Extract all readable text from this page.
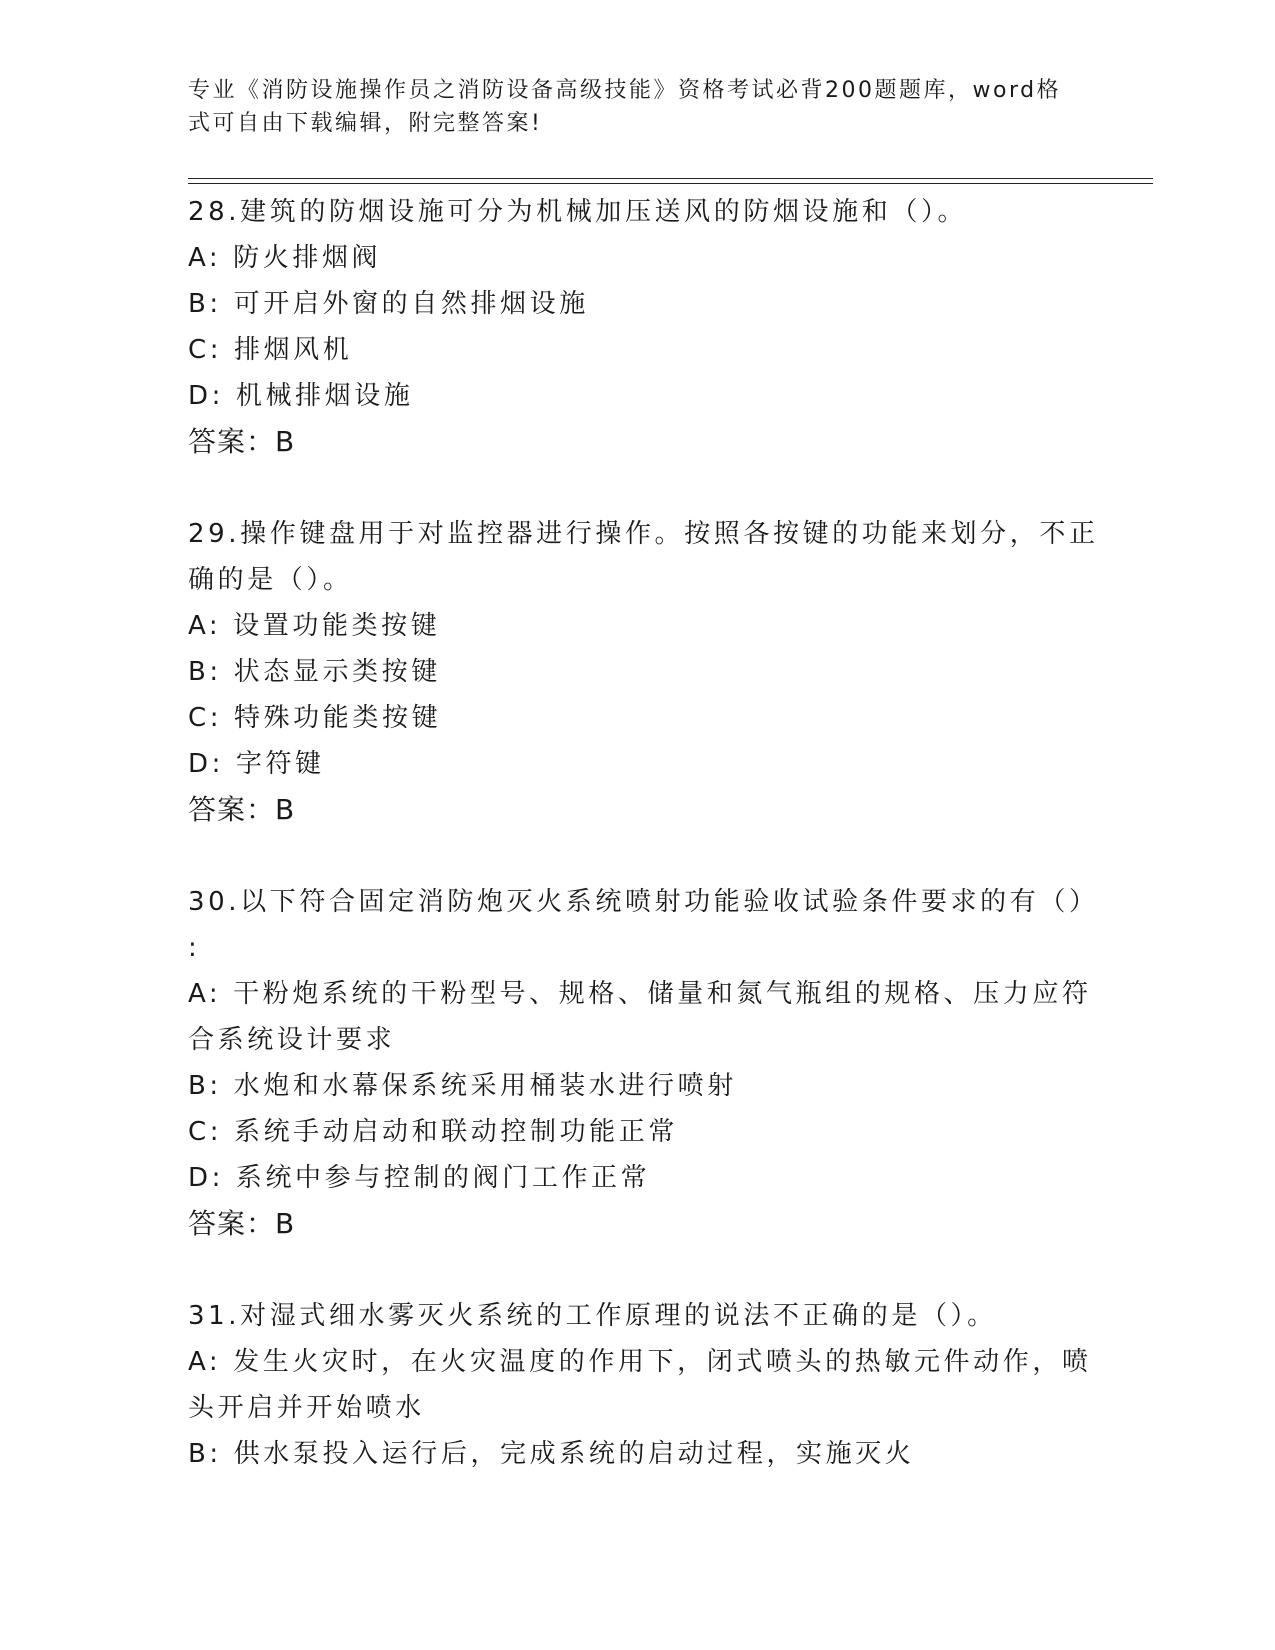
专业《消防设施操作员之消防设备高级技能》资格考试必背200题题库，word格
式可自由下载编辑，附完整答案!
28.建筑的防烟设施可分为机械加压送风的防烟设施和（）。
A: 防火排烟阀
B: 可开启外窗的自然排烟设施
C: 排烟风机
D: 机械排烟设施
答案：B
29.操作键盘用于对监控器进行操作。按照各按键的功能来划分，不正
确的是（）。
A: 设置功能类按键
B: 状态显示类按键
C: 特殊功能类按键
D: 字符键
答案：B
30.以下符合固定消防炮灭火系统喷射功能验收试验条件要求的有（）
:
A: 干粉炮系统的干粉型号、规格、储量和氮气瓶组的规格、压力应符
合系统设计要求
B: 水炮和水幕保系统采用桶装水进行喷射
C: 系统手动启动和联动控制功能正常
D: 系统中参与控制的阀门工作正常
答案：B
31.对湿式细水雾灭火系统的工作原理的说法不正确的是（）。
A: 发生火灾时，在火灾温度的作用下，闭式喷头的热敏元件动作，喷
头开启并开始喷水
B: 供水泵投入运行后，完成系统的启动过程，实施灭火
